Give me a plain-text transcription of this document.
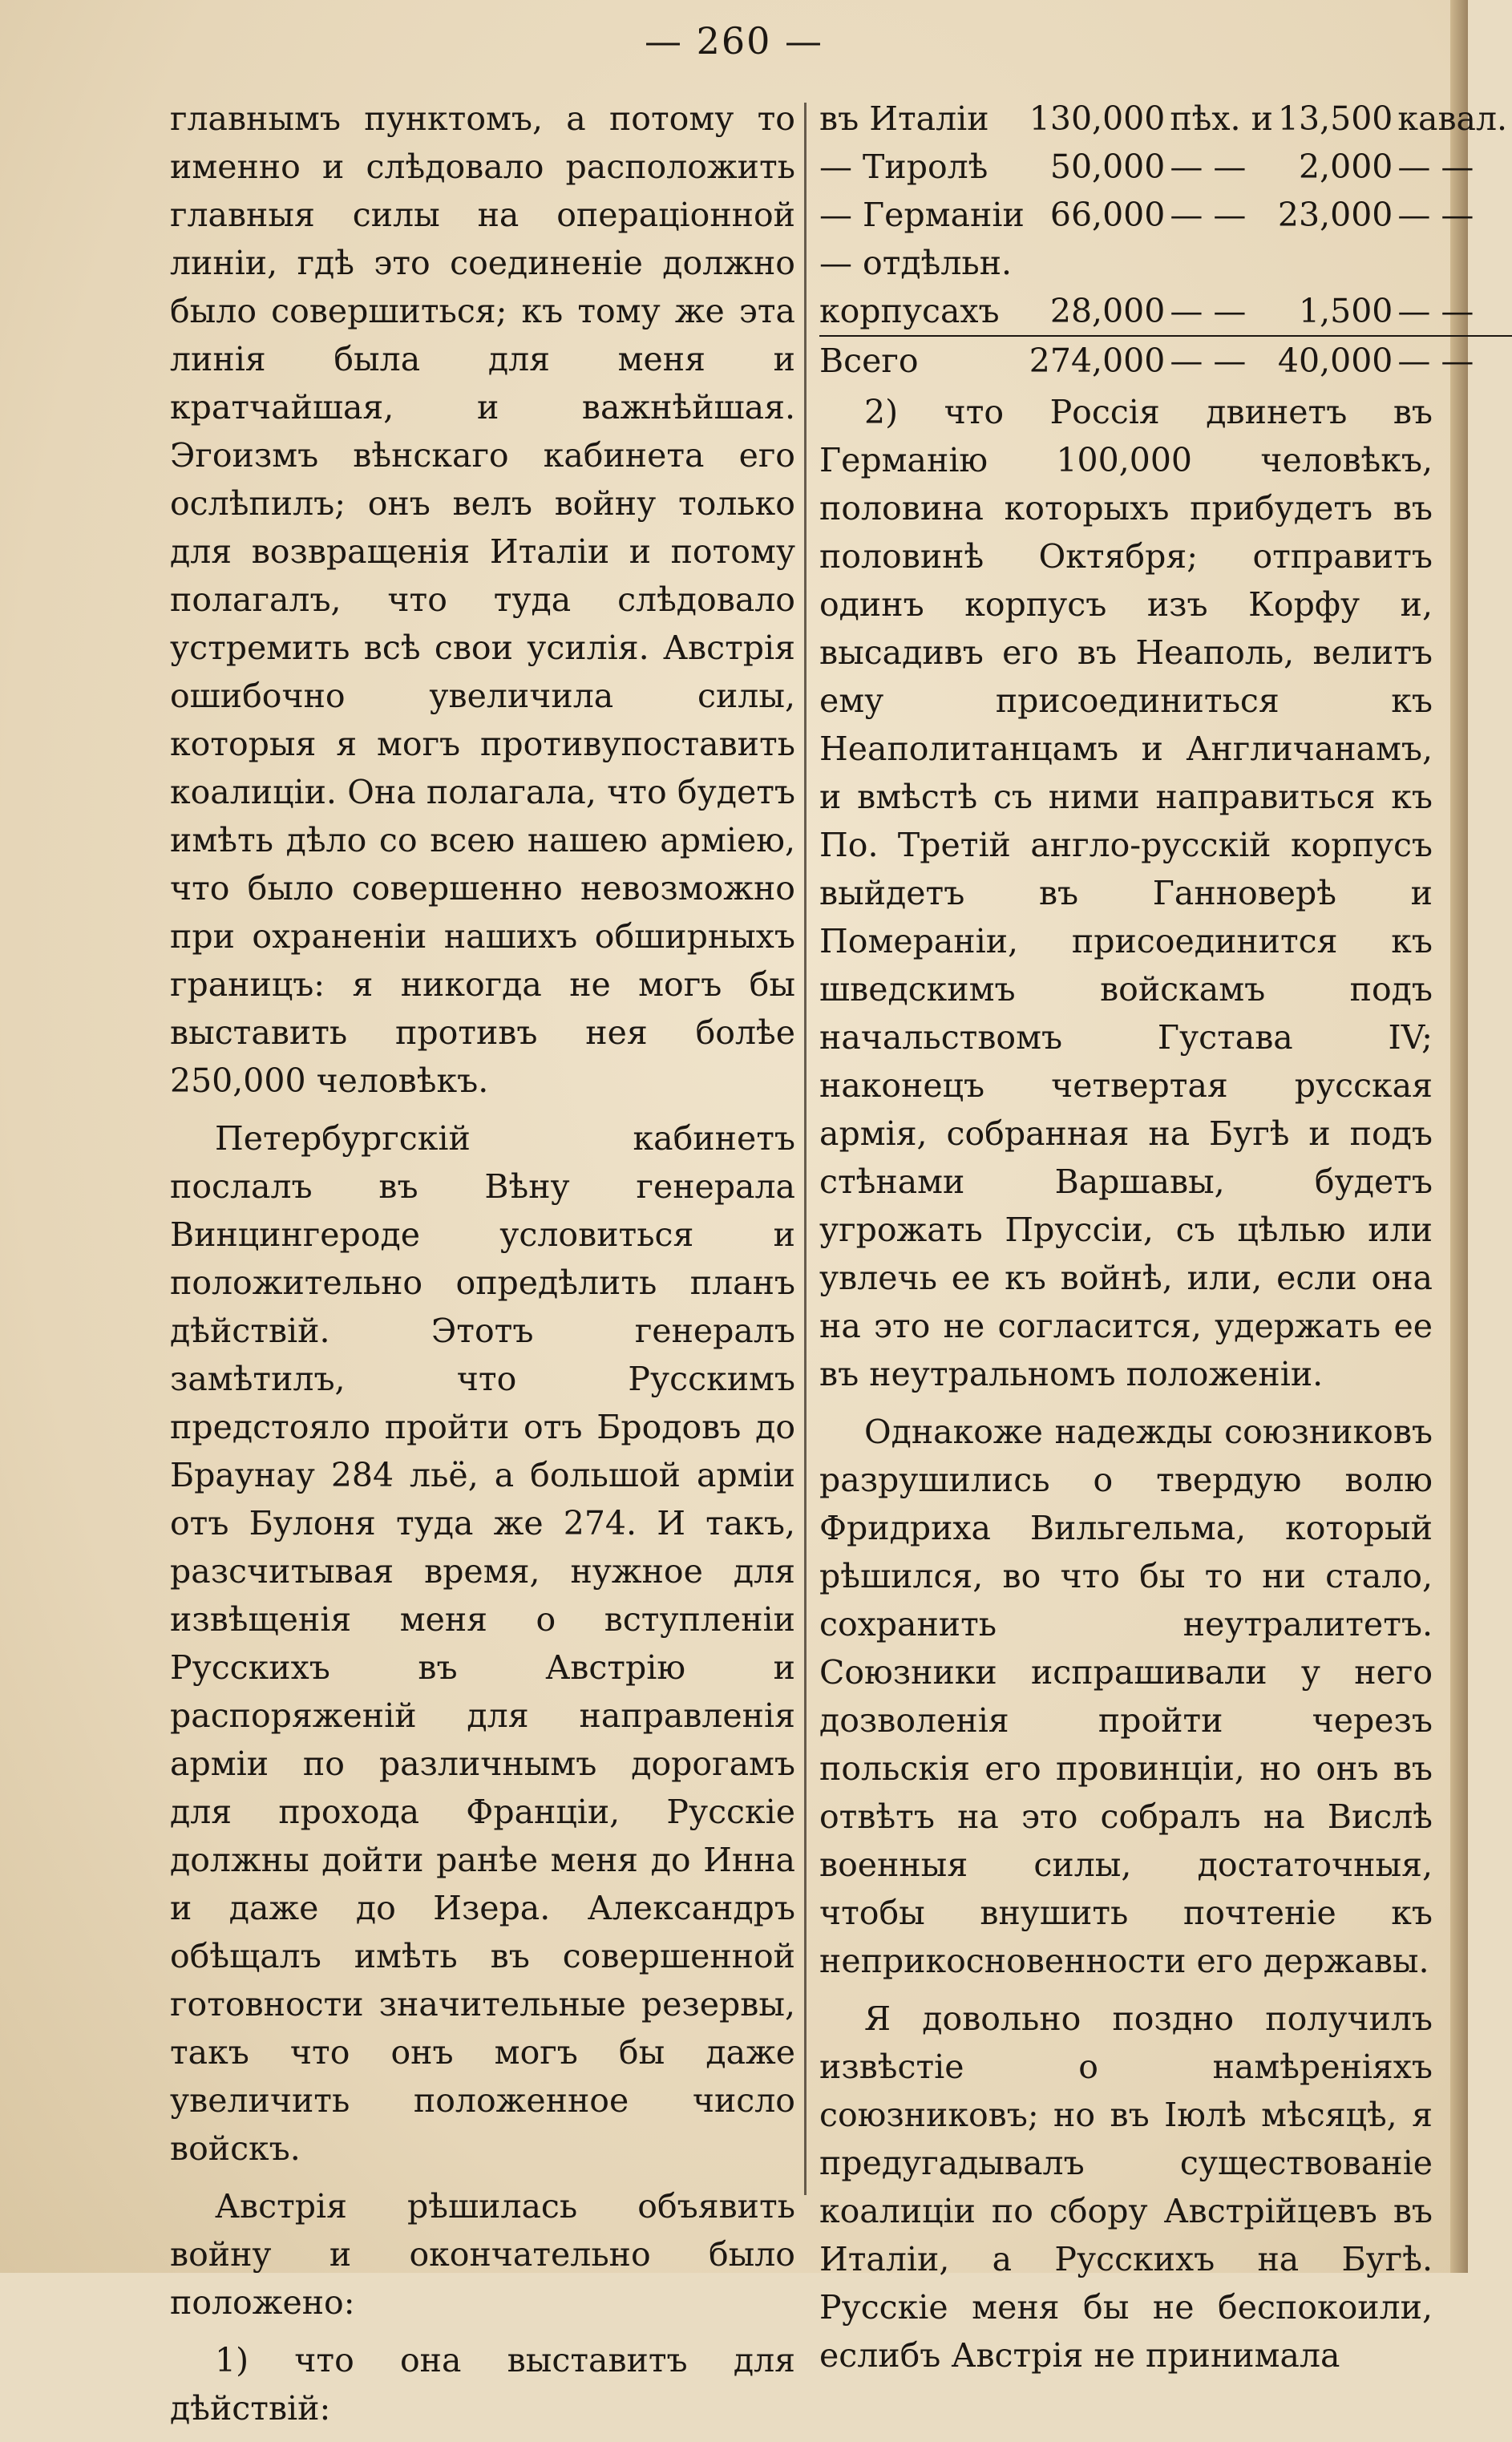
— 260 —

главнымъ пунктомъ, а потому то именно и слѣдовало расположить главныя силы на операціонной линіи, гдѣ это соединеніе должно было совершиться; къ тому же эта линія была для меня и кратчайшая, и важнѣйшая. Эгоизмъ вѣнскаго кабинета его ослѣпилъ; онъ велъ войну только для возвращенія Италіи и потому полагалъ, что туда слѣдовало устремить всѣ свои усилія. Австрія ошибочно увеличила силы, которыя я могъ противупоставить коалиціи. Она полагала, что будетъ имѣть дѣло со всею нашею арміею, что было совершенно невозможно при охраненіи нашихъ обширныхъ границъ: я никогда не могъ бы выставить противъ нея болѣе 250,000 человѣкъ.

Петербургскій кабинетъ послалъ въ Вѣну генерала Винцингероде условиться и положительно опредѣлить планъ дѣйствій. Этотъ генералъ замѣтилъ, что Русскимъ предстояло пройти отъ Бродовъ до Браунау 284 льё, а большой арміи отъ Булоня туда же 274. И такъ, разсчитывая время, нужное для извѣщенія меня о вступленіи Русскихъ въ Австрію и распоряженій для направленія арміи по различнымъ дорогамъ для прохода Франціи, Русскіе должны дойти ранѣе меня до Инна и даже до Изера. Александръ обѣщалъ имѣть въ совершенной готовности значительные резервы, такъ что онъ могъ бы даже увеличить положенное число войскъ.

Австрія рѣшилась объявить войну и окончательно было положено:

1) что она выставитъ для дѣйствій:

въ Италіи	130,000	пѣх. и	13,500	кавал.
— Тиролѣ	50,000	— —	2,000	— —
— Германіи	66,000	— —	23,000	— —
— отдѣльн.				
корпусахъ	28,000	— —	1,500	— —
Всего	274,000	— —	40,000	— —

2) что Россія двинетъ въ Германію 100,000 человѣкъ, половина которыхъ прибудетъ въ половинѣ Октября; отправитъ одинъ корпусъ изъ Корфу и, высадивъ его въ Неаполь, велитъ ему присоединиться къ Неаполитанцамъ и Англичанамъ, и вмѣстѣ съ ними направиться къ По. Третій англо-русскій корпусъ выйдетъ въ Ганноверѣ и Помераніи, присоединится къ шведскимъ войскамъ подъ начальствомъ Густава IV; наконецъ четвертая русская армія, собранная на Бугѣ и подъ стѣнами Варшавы, будетъ угрожать Пруссіи, съ цѣлью или увлечь ее къ войнѣ, или, если она на это не согласится, удержать ее въ неутральномъ положеніи.

Однакоже надежды союзниковъ разрушились о твердую волю Фридриха Вильгельма, который рѣшился, во что бы то ни стало, сохранить неутралитетъ. Союзники испрашивали у него дозволенія пройти черезъ польскія его провинціи, но онъ въ отвѣтъ на это собралъ на Вислѣ военныя силы, достаточныя, чтобы внушить почтеніе къ неприкосновенности его державы.

Я довольно поздно получилъ извѣстіе о намѣреніяхъ союзниковъ; но въ Іюлѣ мѣсяцѣ, я предугадывалъ существованіе коалиціи по сбору Австрійцевъ въ Италіи, а Русскихъ на Бугѣ. Русскіе меня бы не беспокоили, еслибъ Австрія не принимала
